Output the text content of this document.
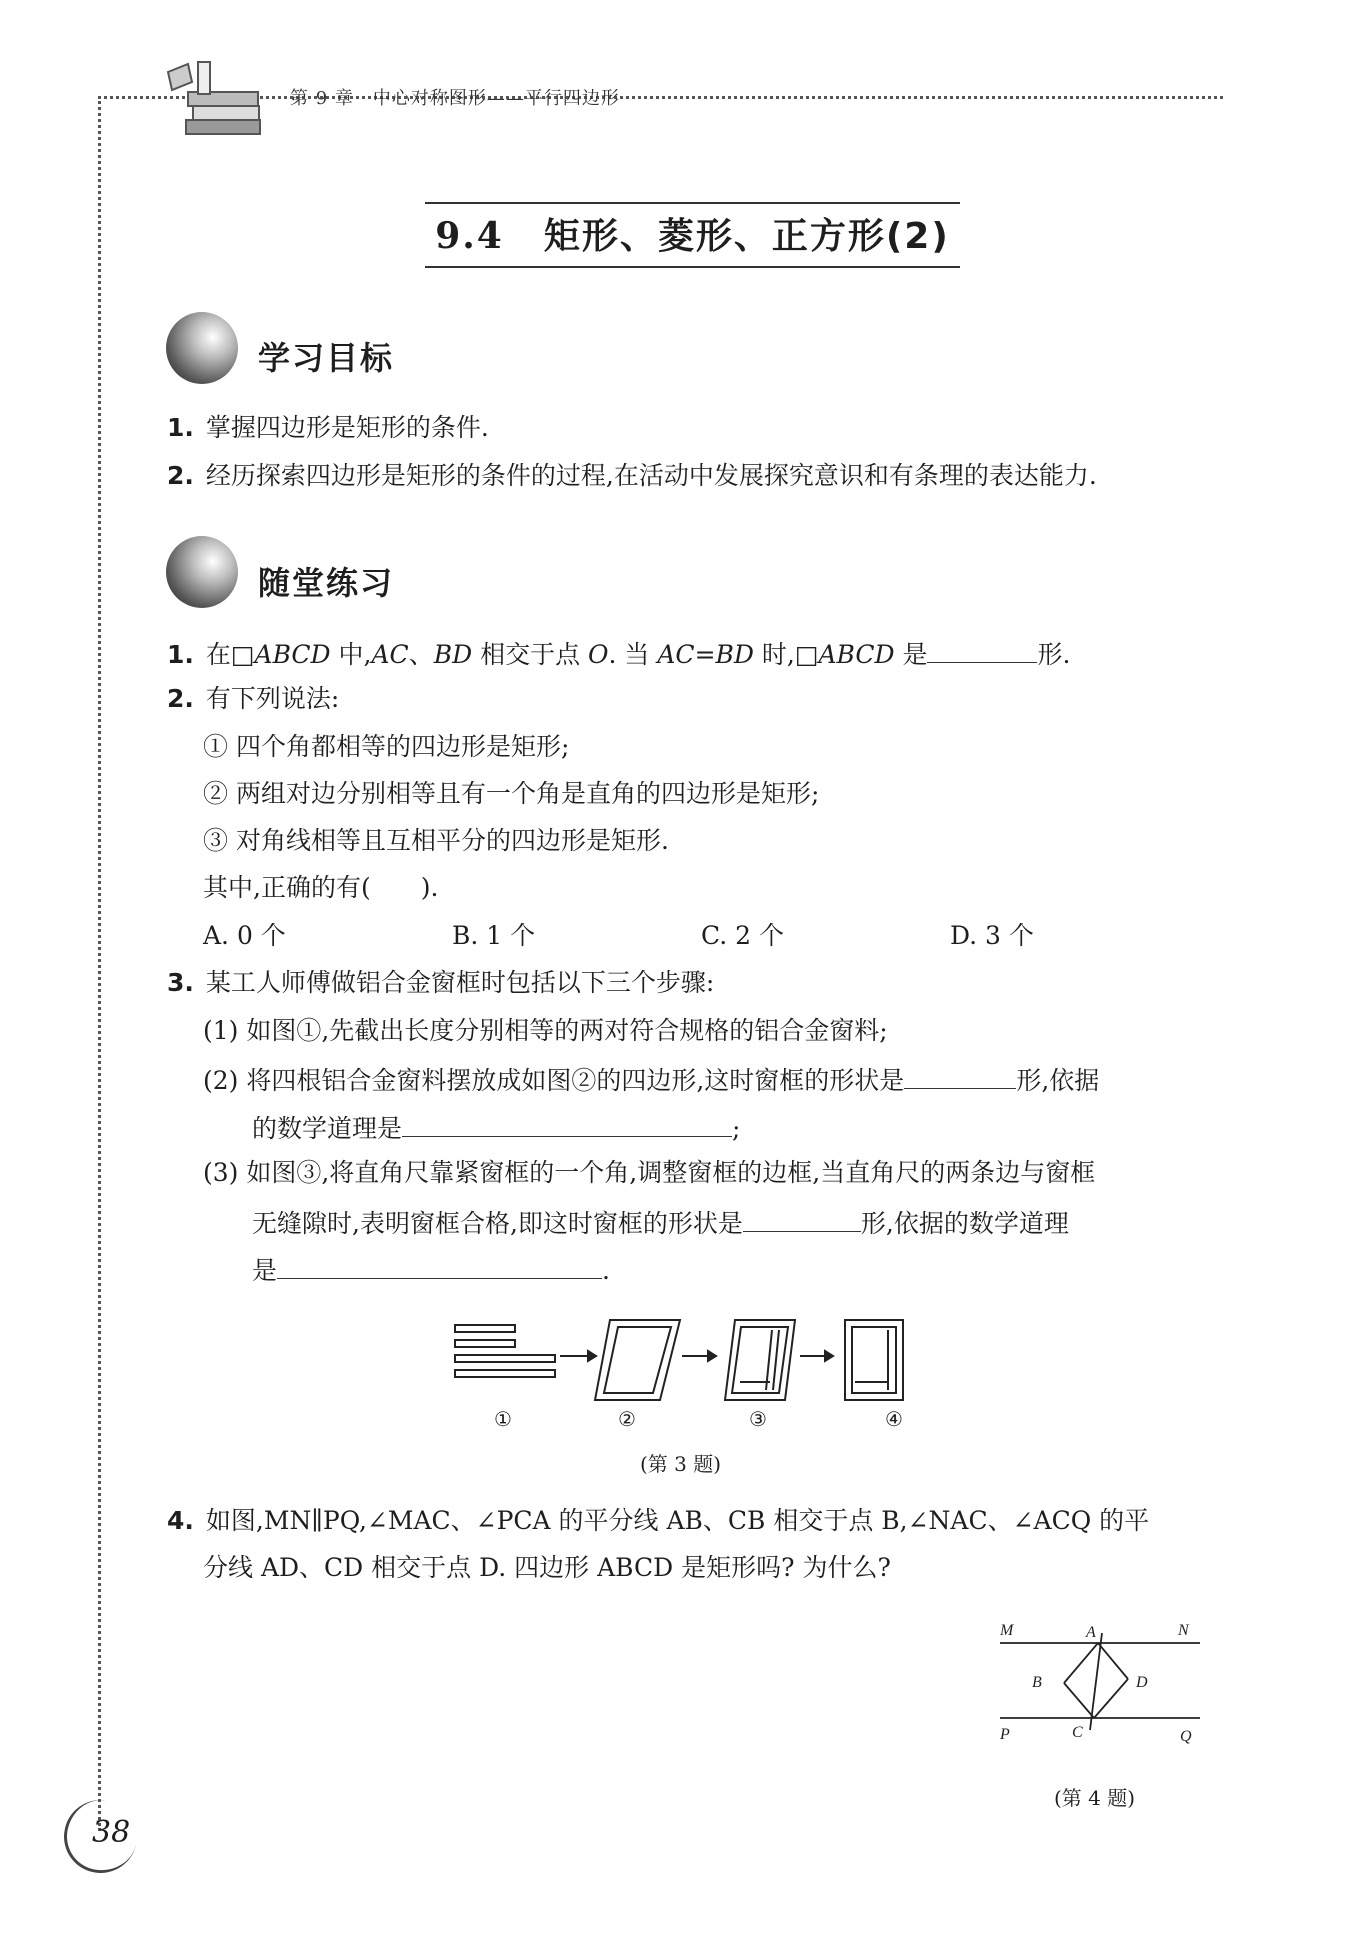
第 9 章　中心对称图形——平行四边形
9.4 矩形、菱形、正方形(2)
学习目标
1. 掌握四边形是矩形的条件.
2. 经历探索四边形是矩形的条件的过程,在活动中发展探究意识和有条理的表达能力.
随堂练习
1. 在□ABCD 中,AC、BD 相交于点 O. 当 AC=BD 时,□ABCD 是	形.
2. 有下列说法:
① 四个角都相等的四边形是矩形;
② 两组对边分别相等且有一个角是直角的四边形是矩形;
③ 对角线相等且互相平分的四边形是矩形.
其中,正确的有(　　).
A. 0 个	B. 1 个	C. 2 个	D. 3 个
3. 某工人师傅做铝合金窗框时包括以下三个步骤:
(1) 如图①,先截出长度分别相等的两对符合规格的铝合金窗料;
(2) 将四根铝合金窗料摆放成如图②的四边形,这时窗框的形状是	形,依据
的数学道理是	;
(3) 如图③,将直角尺靠紧窗框的一个角,调整窗框的边框,当直角尺的两条边与窗框
无缝隙时,表明窗框合格,即这时窗框的形状是	形,依据的数学道理
是	.
①	②	③	④
(第 3 题)
4. 如图,MN∥PQ,∠MAC、∠PCA 的平分线 AB、CB 相交于点 B,∠NAC、∠ACQ 的平
分线 AD、CD 相交于点 D. 四边形 ABCD 是矩形吗? 为什么?
M	A	N
B	D
P	C	Q
(第 4 题)
38
